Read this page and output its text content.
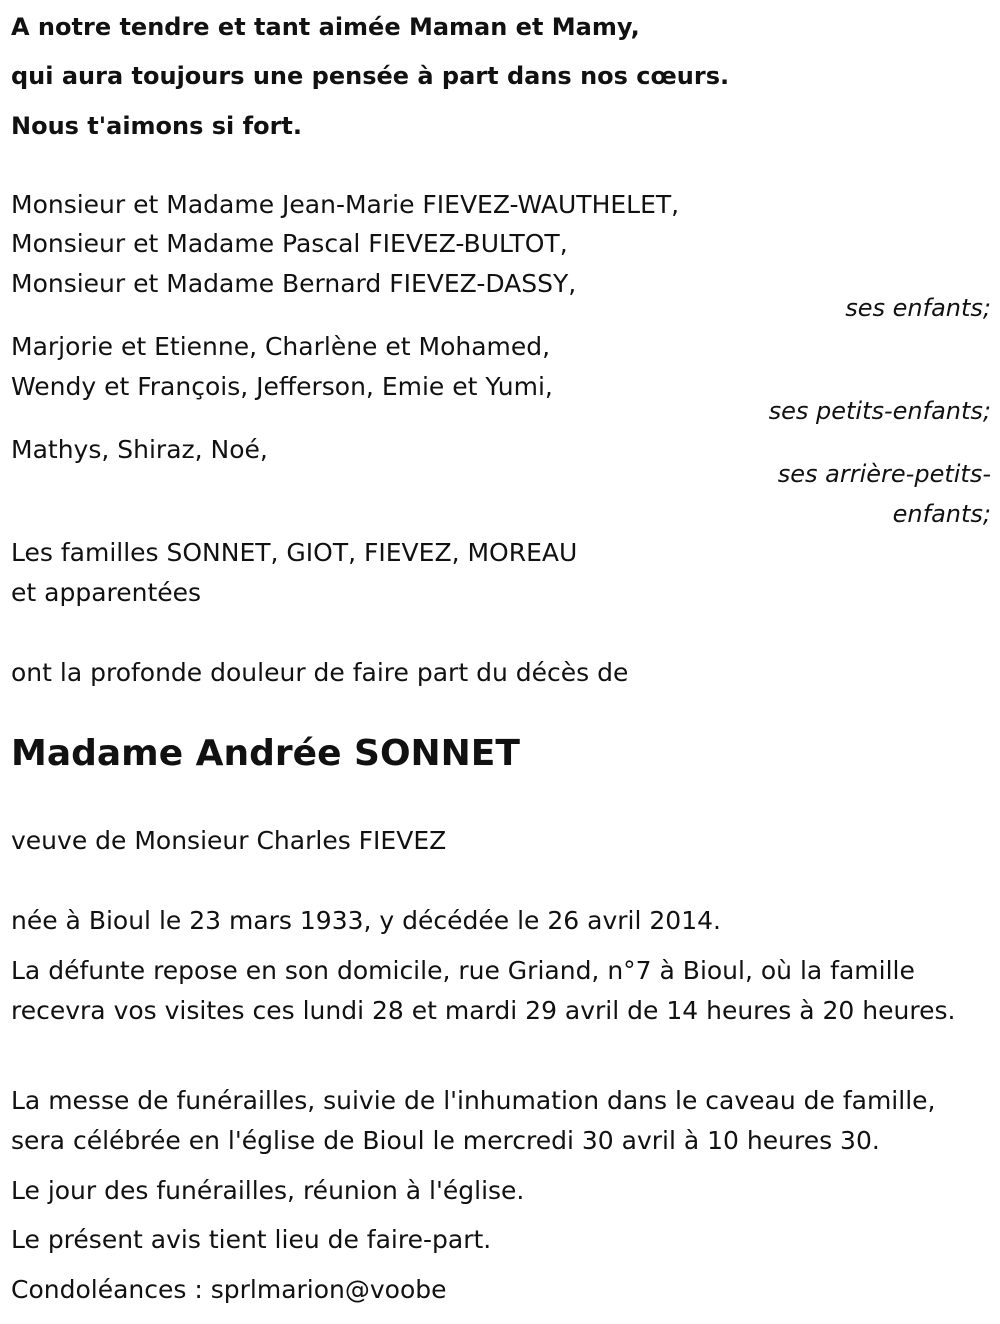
A notre tendre et tant aimée Maman et Mamy,
qui aura toujours une pensée à part dans nos cœurs.
Nous t'aimons si fort.
Monsieur et Madame Jean-Marie FIEVEZ-WAUTHELET,
Monsieur et Madame Pascal FIEVEZ-BULTOT,
Monsieur et Madame Bernard FIEVEZ-DASSY,
ses enfants;
Marjorie et Etienne, Charlène et Mohamed,
Wendy et François, Jefferson, Emie et Yumi,
ses petits-enfants;
Mathys, Shiraz, Noé,
ses arrière-petits-
enfants;
Les familles SONNET, GIOT, FIEVEZ, MOREAU
et apparentées
ont la profonde douleur de faire part du décès de
Madame Andrée SONNET
veuve de Monsieur Charles FIEVEZ
née à Bioul le 23 mars 1933, y décédée le 26 avril 2014.
La défunte repose en son domicile, rue Griand, n°7 à Bioul, où la famille recevra vos visites ces lundi 28 et mardi 29 avril de 14 heures à 20 heures.
La messe de funérailles, suivie de l'inhumation dans le caveau de famille, sera célébrée en l'église de Bioul le mercredi 30 avril à 10 heures 30.
Le jour des funérailles, réunion à l'église.
Le présent avis tient lieu de faire-part.
Condoléances : sprlmarion@voobe
